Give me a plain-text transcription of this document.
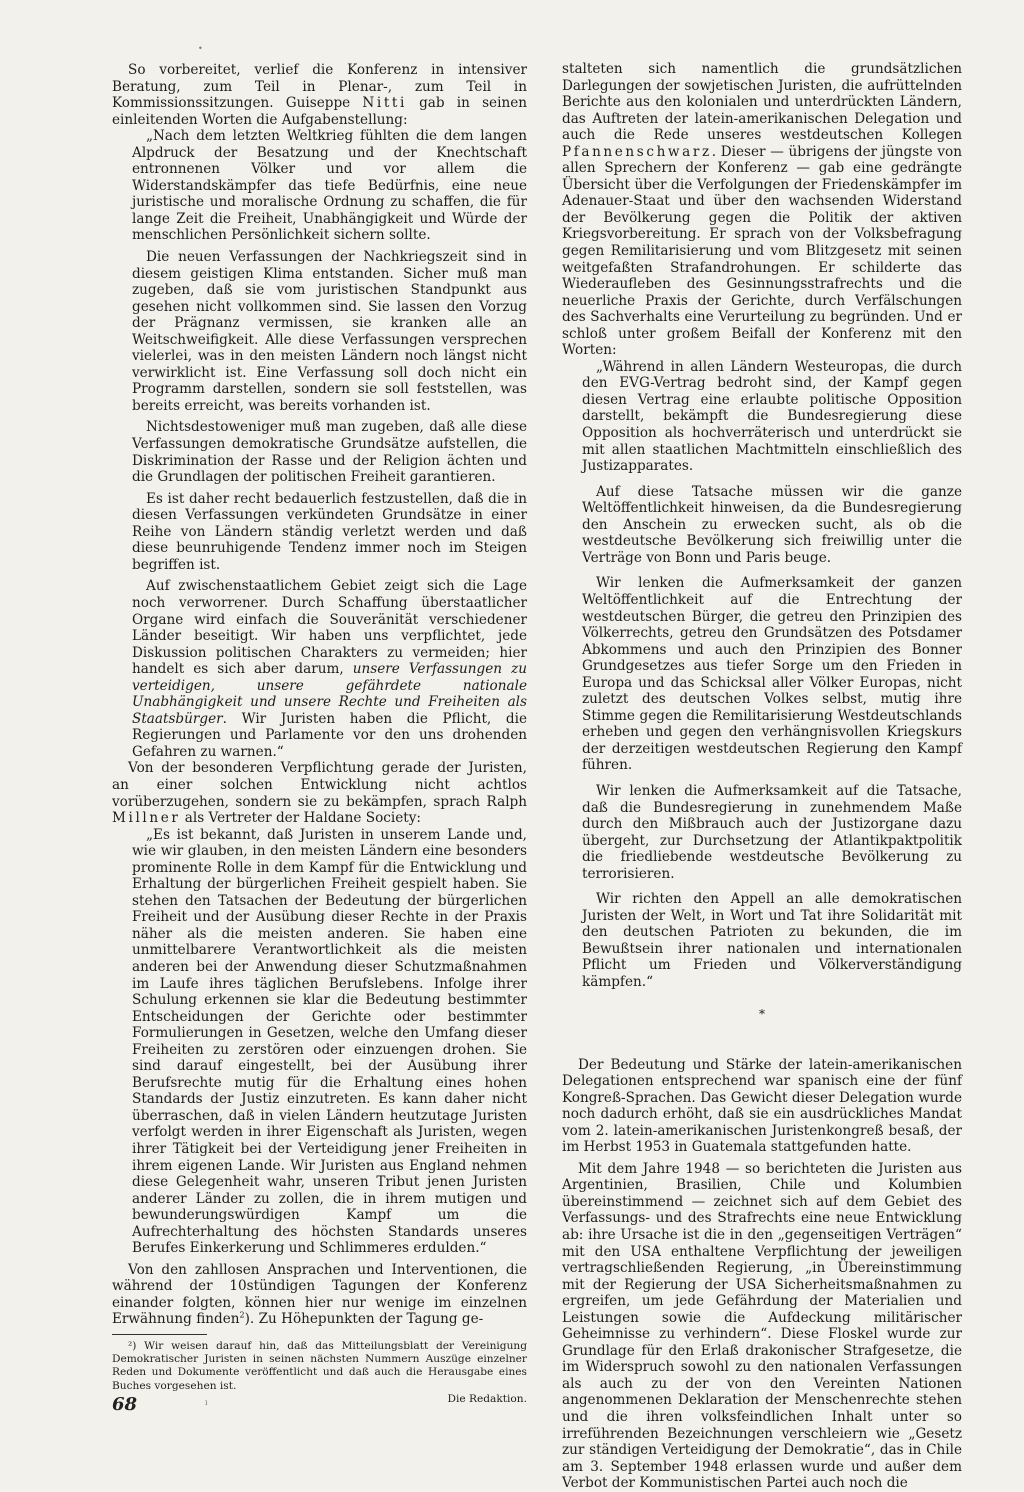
•

So vorbereitet, verlief die Konferenz in intensiver Beratung, zum Teil in Plenar-, zum Teil in Kommissionssitzungen. Guiseppe Nitti gab in seinen einleitenden Worten die Aufgabenstellung:

„Nach dem letzten Weltkrieg fühlten die dem langen Alpdruck der Besatzung und der Knechtschaft entronnenen Völker und vor allem die Widerstandskämpfer das tiefe Bedürfnis, eine neue juristische und moralische Ordnung zu schaffen, die für lange Zeit die Freiheit, Unabhängigkeit und Würde der menschlichen Persönlichkeit sichern sollte.

Die neuen Verfassungen der Nachkriegszeit sind in diesem geistigen Klima entstanden. Sicher muß man zugeben, daß sie vom juristischen Standpunkt aus gesehen nicht vollkommen sind. Sie lassen den Vorzug der Prägnanz vermissen, sie kranken alle an Weitschweifigkeit. Alle diese Verfassungen versprechen vielerlei, was in den meisten Ländern noch längst nicht verwirklicht ist. Eine Verfassung soll doch nicht ein Programm darstellen, sondern sie soll feststellen, was bereits erreicht, was bereits vorhanden ist.

Nichtsdestoweniger muß man zugeben, daß alle diese Verfassungen demokratische Grundsätze aufstellen, die Diskrimination der Rasse und der Religion ächten und die Grundlagen der politischen Freiheit garantieren.

Es ist daher recht bedauerlich festzustellen, daß die in diesen Verfassungen verkündeten Grundsätze in einer Reihe von Ländern ständig verletzt werden und daß diese beunruhigende Tendenz immer noch im Steigen begriffen ist.

Auf zwischenstaatlichem Gebiet zeigt sich die Lage noch verworrener. Durch Schaffung überstaatlicher Organe wird einfach die Souveränität verschiedener Länder beseitigt. Wir haben uns verpflichtet, jede Diskussion politischen Charakters zu vermeiden; hier handelt es sich aber darum, unsere Verfassungen zu verteidigen, unsere gefährdete nationale Unabhängigkeit und unsere Rechte und Freiheiten als Staatsbürger. Wir Juristen haben die Pflicht, die Regierungen und Parlamente vor den uns drohenden Gefahren zu warnen.“

Von der besonderen Verpflichtung gerade der Juristen, an einer solchen Entwicklung nicht achtlos vorüberzugehen, sondern sie zu bekämpfen, sprach Ralph Millner als Vertreter der Haldane Society:

„Es ist bekannt, daß Juristen in unserem Lande und, wie wir glauben, in den meisten Ländern eine besonders prominente Rolle in dem Kampf für die Entwicklung und Erhaltung der bürgerlichen Freiheit gespielt haben. Sie stehen den Tatsachen der Bedeutung der bürgerlichen Freiheit und der Ausübung dieser Rechte in der Praxis näher als die meisten anderen. Sie haben eine unmittelbarere Verantwortlichkeit als die meisten anderen bei der Anwendung dieser Schutzmaßnahmen im Laufe ihres täglichen Berufslebens. Infolge ihrer Schulung erkennen sie klar die Bedeutung bestimmter Entscheidungen der Gerichte oder bestimmter Formulierungen in Gesetzen, welche den Umfang dieser Freiheiten zu zerstören oder einzuengen drohen. Sie sind darauf eingestellt, bei der Ausübung ihrer Berufsrechte mutig für die Erhaltung eines hohen Standards der Justiz einzutreten. Es kann daher nicht überraschen, daß in vielen Ländern heutzutage Juristen verfolgt werden in ihrer Eigenschaft als Juristen, wegen ihrer Tätigkeit bei der Verteidigung jener Freiheiten in ihrem eigenen Lande. Wir Juristen aus England nehmen diese Gelegenheit wahr, unseren Tribut jenen Juristen anderer Länder zu zollen, die in ihrem mutigen und bewunderungswürdigen Kampf um die Aufrechterhaltung des höchsten Standards unseres Berufes Einkerkerung und Schlimmeres erdulden.“

Von den zahllosen Ansprachen und Interventionen, die während der 10stündigen Tagungen der Konferenz einander folgten, können hier nur wenige im einzelnen Erwähnung finden$^2$). Zu Höhepunkten der Tagung ge-

²) Wir weisen darauf hin, daß das Mitteilungsblatt der Vereinigung Demokratischer Juristen in seinen nächsten Nummern Auszüge einzelner Reden und Dokumente veröffentlicht und daß auch die Herausgabe eines Buches vorgesehen ist.

Die Redaktion.

stalteten sich namentlich die grundsätzlichen Darlegungen der sowjetischen Juristen, die aufrüttelnden Berichte aus den kolonialen und unterdrückten Ländern, das Auftreten der latein-amerikanischen Delegation und auch die Rede unseres westdeutschen Kollegen Pfannenschwarz. Dieser — übrigens der jüngste von allen Sprechern der Konferenz — gab eine gedrängte Übersicht über die Verfolgungen der Friedenskämpfer im Adenauer-Staat und über den wachsenden Widerstand der Bevölkerung gegen die Politik der aktiven Kriegsvorbereitung. Er sprach von der Volksbefragung gegen Remilitarisierung und vom Blitzgesetz mit seinen weitgefaßten Strafandrohungen. Er schilderte das Wiederaufleben des Gesinnungsstrafrechts und die neuerliche Praxis der Gerichte, durch Verfälschungen des Sachverhalts eine Verurteilung zu begründen. Und er schloß unter großem Beifall der Konferenz mit den Worten:

„Während in allen Ländern Westeuropas, die durch den EVG-Vertrag bedroht sind, der Kampf gegen diesen Vertrag eine erlaubte politische Opposition darstellt, bekämpft die Bundesregierung diese Opposition als hochverräterisch und unterdrückt sie mit allen staatlichen Machtmitteln einschließlich des Justizapparates.

Auf diese Tatsache müssen wir die ganze Weltöffentlichkeit hinweisen, da die Bundesregierung den Anschein zu erwecken sucht, als ob die westdeutsche Bevölkerung sich freiwillig unter die Verträge von Bonn und Paris beuge.

Wir lenken die Aufmerksamkeit der ganzen Weltöffentlichkeit auf die Entrechtung der westdeutschen Bürger, die getreu den Prinzipien des Völkerrechts, getreu den Grundsätzen des Potsdamer Abkommens und auch den Prinzipien des Bonner Grundgesetzes aus tiefer Sorge um den Frieden in Europa und das Schicksal aller Völker Europas, nicht zuletzt des deutschen Volkes selbst, mutig ihre Stimme gegen die Remilitarisierung Westdeutschlands erheben und gegen den verhängnisvollen Kriegskurs der derzeitigen westdeutschen Regierung den Kampf führen.

Wir lenken die Aufmerksamkeit auf die Tatsache, daß die Bundesregierung in zunehmendem Maße durch den Mißbrauch auch der Justizorgane dazu übergeht, zur Durchsetzung der Atlantikpaktpolitik die friedliebende westdeutsche Bevölkerung zu terrorisieren.

Wir richten den Appell an alle demokratischen Juristen der Welt, in Wort und Tat ihre Solidarität mit den deutschen Patrioten zu bekunden, die im Bewußtsein ihrer nationalen und internationalen Pflicht um Frieden und Völkerverständigung kämpfen.“

*

Der Bedeutung und Stärke der latein-amerikanischen Delegationen entsprechend war spanisch eine der fünf Kongreß-Sprachen. Das Gewicht dieser Delegation wurde noch dadurch erhöht, daß sie ein ausdrückliches Mandat vom 2. latein-amerikanischen Juristenkongreß besaß, der im Herbst 1953 in Guatemala stattgefunden hatte.

Mit dem Jahre 1948 — so berichteten die Juristen aus Argentinien, Brasilien, Chile und Kolumbien übereinstimmend — zeichnet sich auf dem Gebiet des Verfassungs- und des Strafrechts eine neue Entwicklung ab: ihre Ursache ist die in den „gegenseitigen Verträgen“ mit den USA enthaltene Verpflichtung der jeweiligen vertragschließenden Regierung, „in Übereinstimmung mit der Regierung der USA Sicherheitsmaßnahmen zu ergreifen, um jede Gefährdung der Materialien und Leistungen sowie die Aufdeckung militärischer Geheimnisse zu verhindern“. Diese Floskel wurde zur Grundlage für den Erlaß drakonischer Strafgesetze, die im Widerspruch sowohl zu den nationalen Verfassungen als auch zu der von den Vereinten Nationen angenommenen Deklaration der Menschenrechte stehen und die ihren volksfeindlichen Inhalt unter so irreführenden Bezeichnungen verschleiern wie „Gesetz zur ständigen Verteidigung der Demokratie“, das in Chile am 3. September 1948 erlassen wurde und außer dem Verbot der Kommunistischen Partei auch noch die

68	ı
